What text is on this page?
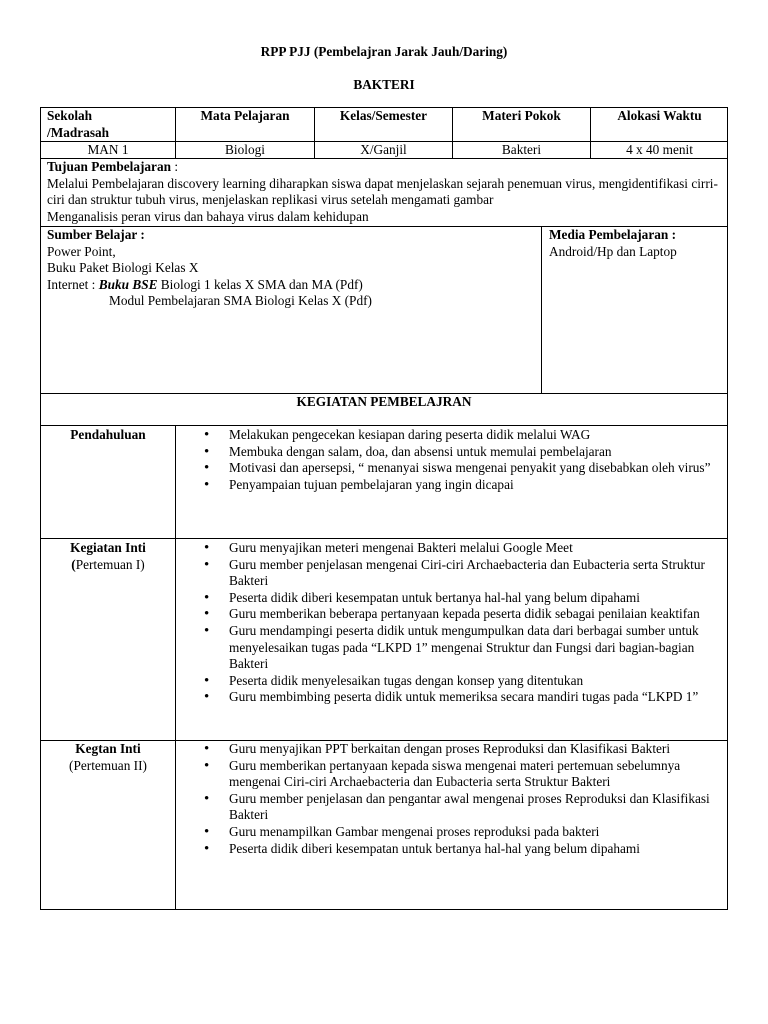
RPP PJJ (Pembelajran Jarak Jauh/Daring)
BAKTERI
Sekolah /Madrasah
Mata Pelajaran	Kelas/Semester	Materi Pokok	Alokasi Waktu
MAN 1	Biologi	X/Ganjil	Bakteri	4 x 40 menit
Tujuan Pembelajaran :
Melalui Pembelajaran discovery learning diharapkan siswa dapat menjelaskan sejarah penemuan virus, mengidentifikasi cirri-ciri dan struktur tubuh virus, menjelaskan replikasi virus setelah mengamati gambar
Menganalisis peran virus dan bahaya virus dalam kehidupan
Sumber Belajar :
Power Point,
Buku Paket Biologi Kelas X
Internet : Buku BSE Biologi 1 kelas X SMA dan MA (Pdf)
Modul Pembelajaran SMA Biologi Kelas X (Pdf)
Media Pembelajaran :
Android/Hp dan Laptop
KEGIATAN PEMBELAJRAN
Pendahuluan
•	Melakukan pengecekan kesiapan daring peserta didik melalui WAG
• Membuka dengan salam, doa, dan absensi untuk memulai pembelajaran
• Motivasi dan apersepsi, “ menanyai siswa mengenai penyakit yang disebabkan oleh virus”
• Penyampaian tujuan pembelajaran yang ingin dicapai
Kegiatan Inti
(Pertemuan I)
• Guru menyajikan meteri mengenai Bakteri melalui Google Meet
• Guru member penjelasan mengenai Ciri-ciri Archaebacteria dan Eubacteria serta Struktur Bakteri
• Peserta didik diberi kesempatan untuk bertanya hal-hal yang belum dipahami
• Guru memberikan beberapa pertanyaan kepada peserta didik sebagai penilaian keaktifan
• Guru mendampingi peserta didik untuk mengumpulkan data dari berbagai sumber untuk menyelesaikan tugas pada “LKPD 1” mengenai Struktur dan Fungsi dari bagian-bagian Bakteri
• Peserta didik menyelesaikan tugas dengan konsep yang ditentukan
• Guru membimbing peserta didik untuk memeriksa secara mandiri tugas pada “LKPD 1”
Kegtan Inti
(Pertemuan II)
• Guru menyajikan PPT berkaitan dengan proses Reproduksi dan Klasifikasi Bakteri
• Guru memberikan pertanyaan kepada siswa mengenai materi pertemuan sebelumnya mengenai Ciri-ciri Archaebacteria dan Eubacteria serta Struktur Bakteri
• Guru member penjelasan dan pengantar awal mengenai proses Reproduksi dan Klasifikasi Bakteri
• Guru menampilkan Gambar mengenai proses reproduksi pada bakteri
• Peserta didik diberi kesempatan untuk bertanya hal-hal yang belum dipahami
